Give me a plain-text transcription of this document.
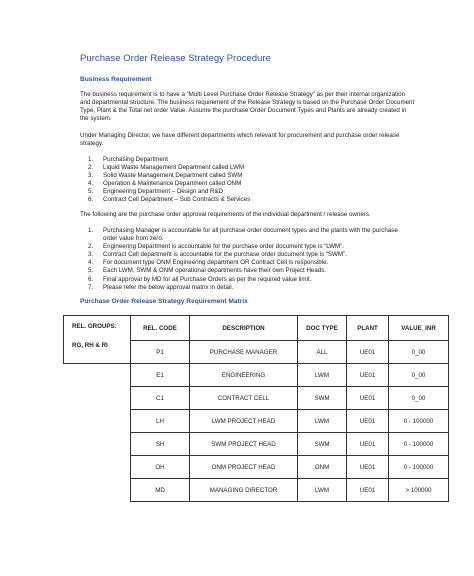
Purchase Order Release Strategy Procedure
Business Requirement
The business requirement is to have a “Multi Level Purchase Order Release Strategy” as per their internal organization and departmental structure. The business requirement of the Release Strategy is based on the Purchase Order Document Type, Plant & the Total net order Value. Assume the purchase Order Document Types and Plants are already created in the system.
Under Managing Director, we have different departments which relevant for procurement and purchase order release strategy.
1. Purchasing Department
2. Liquid Waste Management Department called LWM
3. Solid Waste Management Department called SWM
4. Operation & Maintenance Department called ONM
5. Engineering Department – Design and R&D
6. Contract Cell Department – Sub Contracts & Services
The following are the purchase order approval requirements of the individual department / release owners.
1. Purchasing Manager is accountable for all purchase order document types and the plants with the purchase order value from zero.
2. Engineering Department is accountable for the purchase order document type is “LWM”.
3. Contract Cell department is accountable for the purchase order document type is “SWM”.
4. For document type ONM Engineering department OR Contract Cell is responsible.
5. Each LWM, SWM & ONM operational departments have their own Project Heads.
6. Final approval by MD for all Purchase Orders as per the required value limit.
7. Please refer the below approval matrix in detail.
Purchase Order Release Strategy Requirement Matrix
REL. GROUPS:
RG, RH & RI	REL. CODE	DESCRIPTION	DOC TYPE	PLANT	VALUE_INR
	P1	PURCHASE MANAGER	ALL	UE01	0_00
	E1	ENGINEERING	LWM	UE01	0_00
	C1	CONTRACT CELL	SWM	UE01	0_00
	LH	LWM PROJECT HEAD	LWM	UE01	0 - 100000
	SH	SWM PROJECT HEAD	SWM	UE01	0 - 100000
	OH	ONM PROJECT HEAD	ONM	UE01	0 - 100000
	MD	MANAGING DIRECTOR	LWM	UE01	> 100000
